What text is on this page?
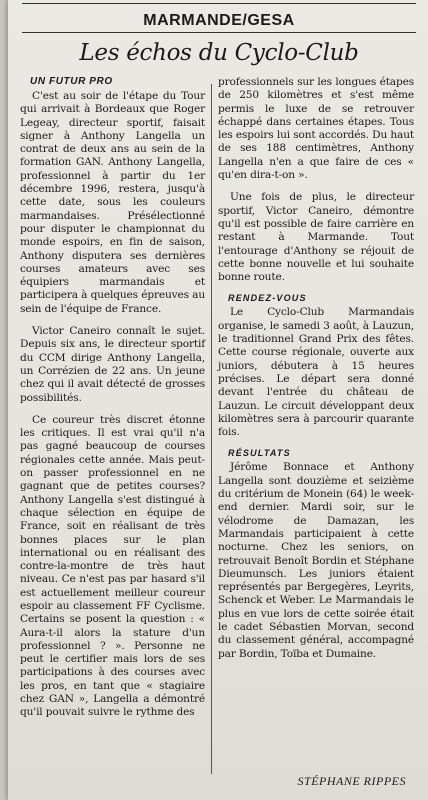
MARMANDE/GESA
Les échos du Cyclo-Club
UN FUTUR PRO

C'est au soir de l'étape du Tour qui arrivait à Bordeaux que Roger Legeay, directeur sportif, faisait signer à Anthony Langella un contrat de deux ans au sein de la formation GAN. Anthony Langella, professionnel à partir du 1er décembre 1996, restera, jusqu'à cette date, sous les couleurs marmandaises. Présélectionné pour disputer le championnat du monde espoirs, en fin de saison, Anthony disputera ses dernières courses amateurs avec ses équipiers marmandais et participera à quelques épreuves au sein de l'équipe de France.

Victor Caneiro connaît le sujet. Depuis six ans, le directeur sportif du CCM dirige Anthony Langella, un Corrézien de 22 ans. Un jeune chez qui il avait détecté de grosses possibilités.

Ce coureur très discret étonne les critiques. Il est vrai qu'il n'a pas gagné beaucoup de courses régionales cette année. Mais peut-on passer professionnel en ne gagnant que de petites courses? Anthony Langella s'est distingué à chaque sélection en équipe de France, soit en réalisant de très bonnes places sur le plan international ou en réalisant des contre-la-montre de très haut niveau. Ce n'est pas par hasard s'il est actuellement meilleur coureur espoir au classement FF Cyclisme. Certains se posent la question : « Aura-t-il alors la stature d'un professionnel ? ». Personne ne peut le certifier mais lors de ses participations à des courses avec les pros, en tant que « stagiaire chez GAN », Langella a démontré qu'il pouvait suivre le rythme des

professionnels sur les longues étapes de 250 kilomètres et s'est même permis le luxe de se retrouver échappé dans certaines étapes. Tous les espoirs lui sont accordés. Du haut de ses 188 centimètres, Anthony Langella n'en a que faire de ces « qu'en dira-t-on ».

Une fois de plus, le directeur sportif, Victor Caneiro, démontre qu'il est possible de faire carrière en restant à Marmande. Tout l'entourage d'Anthony se réjouit de cette bonne nouvelle et lui souhaite bonne route.

RENDEZ-VOUS

Le Cyclo-Club Marmandais organise, le samedi 3 août, à Lauzun, le traditionnel Grand Prix des fêtes. Cette course régionale, ouverte aux juniors, débutera à 15 heures précises. Le départ sera donné devant l'entrée du château de Lauzun. Le circuit développant deux kilomètres sera à parcourir quarante fois.

RÉSULTATS

Jérôme Bonnace et Anthony Langella sont douzième et seizième du critérium de Monein (64) le week-end dernier. Mardi soir, sur le vélodrome de Damazan, les Marmandais participaient à cette nocturne. Chez les seniors, on retrouvait Benoît Bordin et Stéphane Dieumunsch. Les juniors étaient représentés par Bergegères, Leyrits, Schenck et Weber. Le Marmandais le plus en vue lors de cette soirée était le cadet Sébastien Morvan, second du classement général, accompagné par Bordin, Toïba et Dumaine.

STÉPHANE RIPPES
